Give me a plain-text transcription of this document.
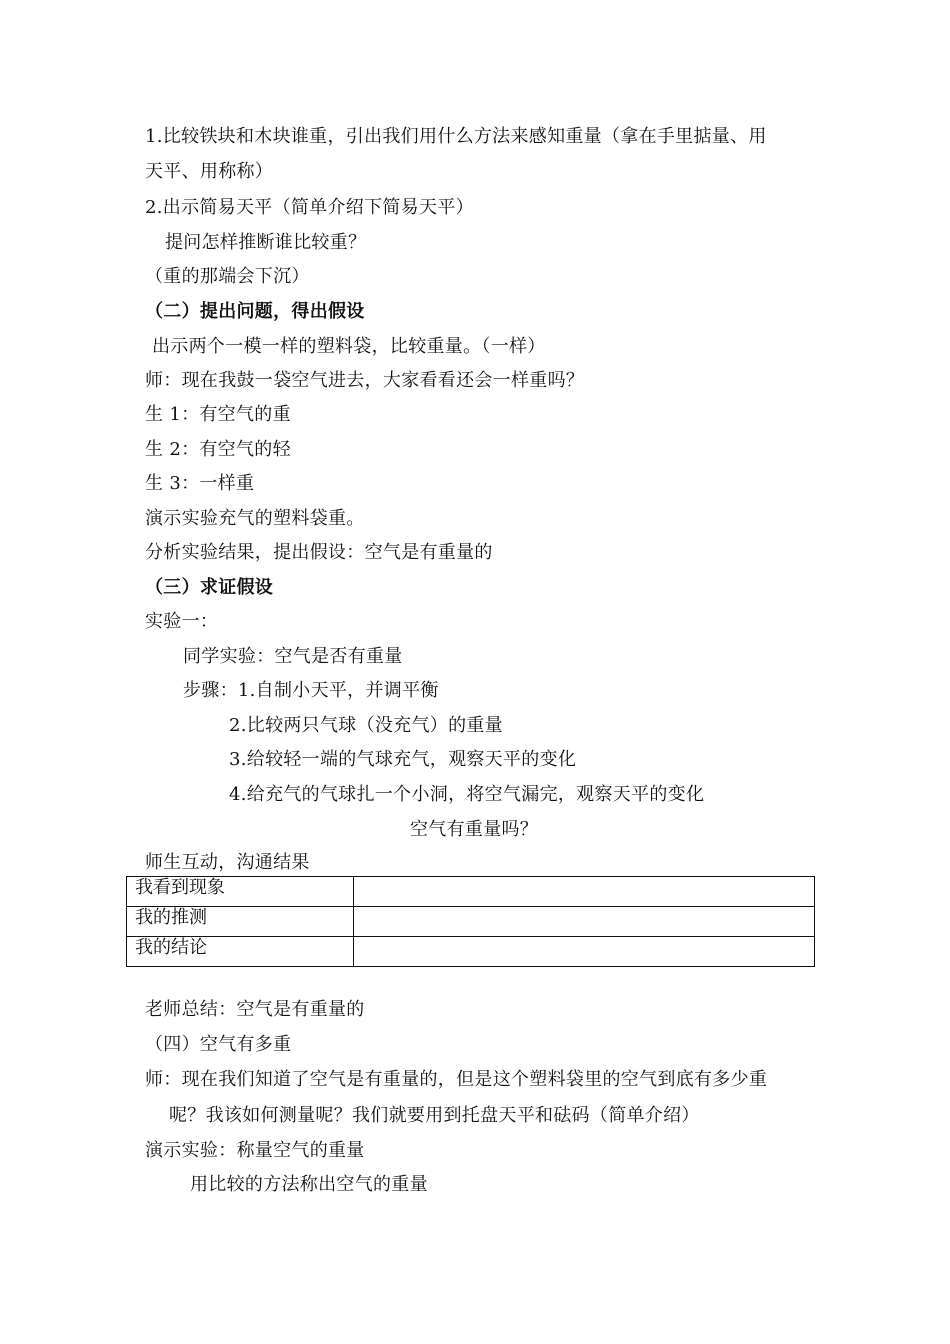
1.比较铁块和木块谁重，引出我们用什么方法来感知重量（拿在手里掂量、用
天平、用称称）
2.出示简易天平（简单介绍下简易天平）
提问怎样推断谁比较重？
（重的那端会下沉）
（二）提出问题，得出假设
出示两个一模一样的塑料袋，比较重量。（一样）
师：现在我鼓一袋空气进去，大家看看还会一样重吗？
生 1：有空气的重
生 2：有空气的轻
生 3：一样重
演示实验充气的塑料袋重。
分析实验结果，提出假设：空气是有重量的
（三）求证假设
实验一：
同学实验：空气是否有重量
步骤：1.自制小天平，并调平衡
2.比较两只气球（没充气）的重量
3.给较轻一端的气球充气，观察天平的变化
4.给充气的气球扎一个小洞，将空气漏完，观察天平的变化
空气有重量吗？
师生互动，沟通结果
我看到现象	
我的推测	
我的结论	
老师总结：空气是有重量的
（四）空气有多重
师：现在我们知道了空气是有重量的，但是这个塑料袋里的空气到底有多少重
呢？我该如何测量呢？我们就要用到托盘天平和砝码（简单介绍）
演示实验：称量空气的重量
用比较的方法称出空气的重量
